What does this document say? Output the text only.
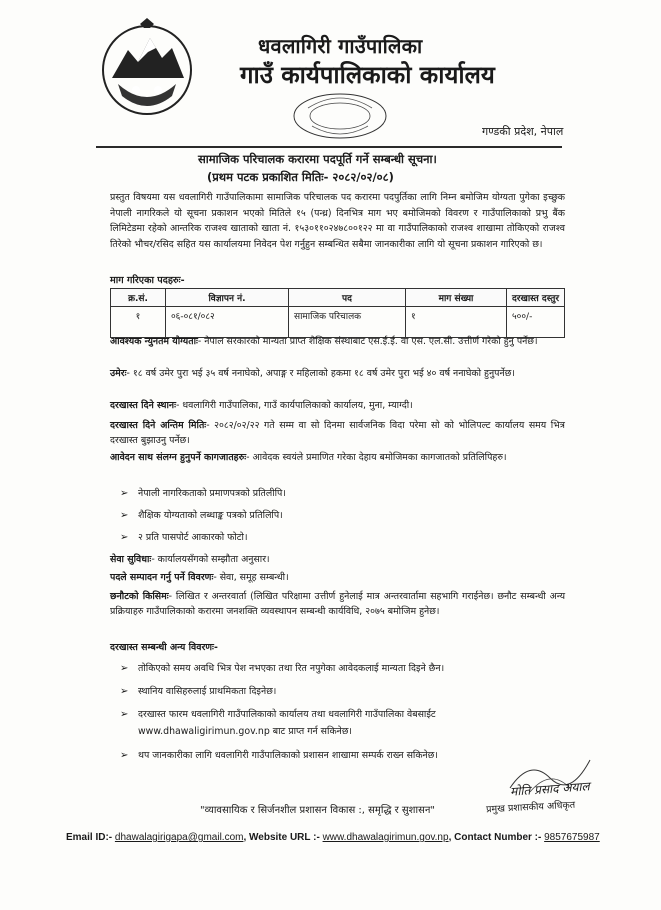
धवलागिरी गाउँपालिका
गाउँ कार्यपालिकाको कार्यालय
गण्डकी प्रदेश, नेपाल
सामाजिक परिचालक करारमा पदपूर्ति गर्ने सम्बन्धी सूचना।
(प्रथम पटक प्रकाशित मितिः- २०८२/०२/०८)
प्रस्तुत विषयमा यस धवलागिरी गाउँपालिकामा सामाजिक परिचालक पद करारमा पदपुर्तिका लागि निम्न बमोजिम योग्यता पुगेका इच्छुक नेपाली नागरिकले यो सूचना प्रकाशन भएको मितिले १५ (पन्ध्र) दिनभित्र माग भए बमोजिमको विवरण र गाउँपालिकाको प्रभु बैंक लिमिटेडमा रहेको आन्तरिक राजश्व खाताको खाता नं. १५३०११०२४७८००१२२ मा वा गाउँपालिकाको राजश्व शाखामा तोकिएको राजश्व तिरेको भौचर/रसिद सहित यस कार्यालयमा निवेदन पेश गर्नुहुन सम्बन्धित सबैमा जानकारीका लागि यो सूचना प्रकाशन गारिएको छ।
माग गरिएका पदहरुः-
क्र.सं.	विज्ञापन नं.	पद	माग संख्या	दरखास्त दस्तुर
१	०६-०८१/०८२	सामाजिक परिचालक	१	५००/-
आवश्यक न्युनतम योग्यताः- नेपाल सरकारको मान्यता प्राप्त शैक्षिक संस्थाबाट एस.ई.ई. वा एस. एल.सी. उत्तीर्ण गरेको हुनु पर्नेछ।
उमेरः- १८ वर्ष उमेर पुरा भई ३५ वर्ष ननाघेको, अपाङ्ग र महिलाको हकमा १८ वर्ष उमेर पुरा भई ४० वर्ष ननाघेको हुनुपर्नेछ।
दरखास्त दिने स्थानः- धवलागिरी गाउँपालिका, गाउँ कार्यपालिकाको कार्यालय, मुना, म्याग्दी।
दरखास्त दिने अन्तिम मितिः- २०८२/०२/२२ गते सम्म वा सो दिनमा सार्वजनिक विदा परेमा सो को भोलिपल्ट कार्यालय समय भित्र दरखास्त बुझाउनु पर्नेछ।
आवेदन साथ संलग्न हुनुपर्ने कागजातहरुः- आवेदक स्वयंले प्रमाणित गरेका देहाय बमोजिमका कागजातको प्रतिलिपिहरु।
➢ नेपाली नागरिकताको प्रमाणपत्रको प्रतिलीपि।
➢ शैक्षिक योग्यताको लब्धाङ्क पत्रको प्रतिलिपि।
➢ २ प्रति पासपोर्ट आकारको फोटो।
सेवा सुविधाः- कार्यालयसँगको सम्झौता अनुसार।
पदले सम्पादन गर्नु पर्ने विवरणः- सेवा, समूह सम्बन्धी।
छनौटको किसिमः- लिखित र अन्तरवार्ता (लिखित परिक्षामा उत्तीर्ण हुनेलाई मात्र अन्तरवार्तामा सहभागि गराईनेछ। छनौट सम्बन्धी अन्य प्रक्रियाहरु गाउँपालिकाको करारमा जनशक्ति व्यवस्थापन सम्बन्धी कार्यविधि, २०७५ बमोजिम हुनेछ।
दरखास्त सम्बन्धी अन्य विवरणः-
➢ तोकिएको समय अवधि भित्र पेश नभएका तथा रित नपुगेका आवेदकलाई मान्यता दिइने छैन।
➢ स्थानिय वासिहरुलाई प्राथमिकता दिइनेछ।
➢ दरखास्त फारम धवलागिरी गाउँपालिकाको कार्यालय तथा धवलागिरी गाउँपालिका वेबसाईट
www.dhawaligirimun.gov.np बाट प्राप्त गर्न सकिनेछ।
➢ थप जानकारीका लागि धवलागिरी गाउँपालिकाको प्रशासन शाखामा सम्पर्क राख्न सकिनेछ।
मोति प्रसाद अयाल
प्रमुख प्रशासकीय अधिकृत
"व्यावसायिक र सिर्जनशील प्रशासन विकास :, समृद्धि र सुशासन"
Email ID:- dhawalagirigapa@gmail.com, Website URL :- www.dhawalagirimun.gov.np, Contact Number :- 9857675987
